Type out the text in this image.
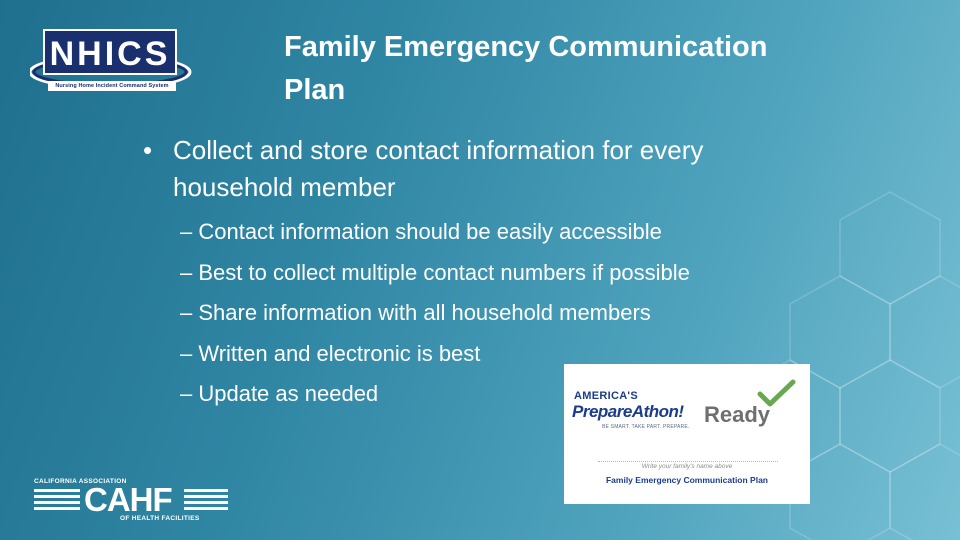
NHICS
Nursing Home Incident Command System
Family Emergency Communication
Plan
• Collect and store contact information for every household member
– Contact information should be easily accessible
– Best to collect multiple contact numbers if possible
– Share information with all household members
– Written and electronic is best
– Update as needed	AMERICA'S
PrepareAthon!
BE SMART. TAKE PART. PREPARE. Ready
Write your family's name above
Family Emergency Communication Plan
CALIFORNIA ASSOCIATION
CAHF
OF HEALTH FACILITIES
